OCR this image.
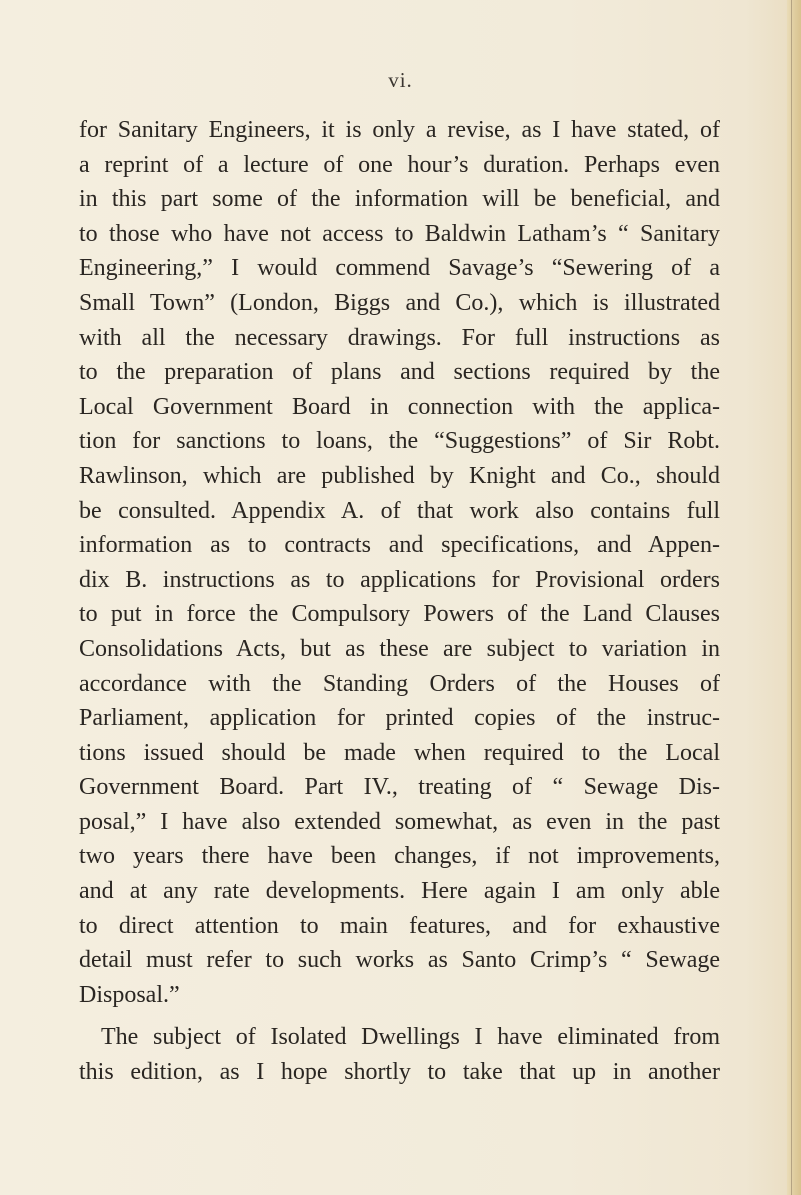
vi.
for Sanitary Engineers, it is only a revise, as I have stated, of
a reprint of a lecture of one hour’s duration. Perhaps even
in this part some of the information will be beneficial, and
to those who have not access to Baldwin Latham’s “ Sanitary
Engineering,” I would commend Savage’s “Sewering of a
Small Town” (London, Biggs and Co.), which is illustrated
with all the necessary drawings. For full instructions as
to the preparation of plans and sections required by the
Local Government Board in connection with the applica-
tion for sanctions to loans, the “Suggestions” of Sir Robt.
Rawlinson, which are published by Knight and Co., should
be consulted. Appendix A. of that work also contains full
information as to contracts and specifications, and Appen-
dix B. instructions as to applications for Provisional orders
to put in force the Compulsory Powers of the Land Clauses
Consolidations Acts, but as these are subject to variation in
accordance with the Standing Orders of the Houses of
Parliament, application for printed copies of the instruc-
tions issued should be made when required to the Local
Government Board. Part IV., treating of “ Sewage Dis-
posal,” I have also extended somewhat, as even in the past
two years there have been changes, if not improvements,
and at any rate developments. Here again I am only able
to direct attention to main features, and for exhaustive
detail must refer to such works as Santo Crimp’s “ Sewage
Disposal.”
The subject of Isolated Dwellings I have eliminated from
this edition, as I hope shortly to take that up in another
